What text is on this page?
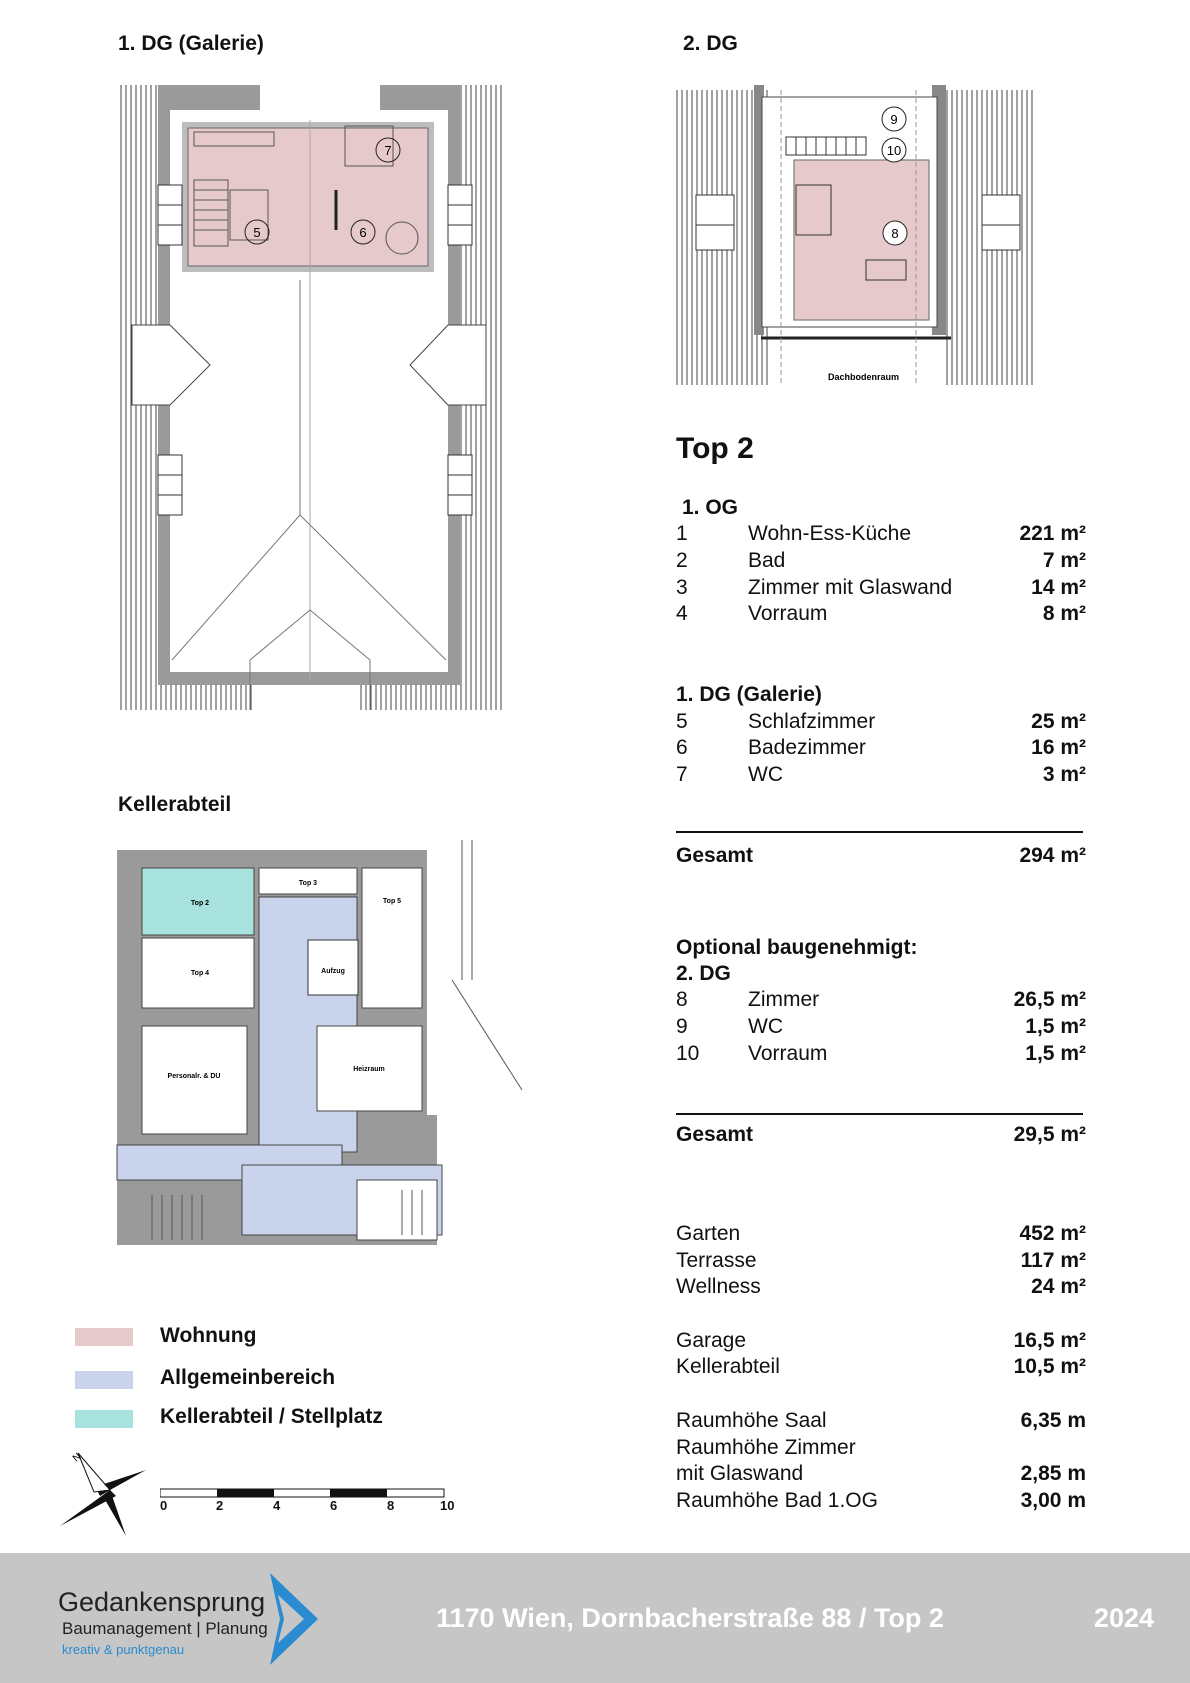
1. DG (Galerie)	2. DG
Kellerabteil
5	6
7
9
10
8
Dachbodenraum
Top 2
Top 3
Top 4
Top 5
Aufzug
Personalr. & DU
Heizraum
Top 2
1. OG
1	Wohn-Ess-Küche	221 m²
2	Bad	7 m²
3	Zimmer mit Glaswand	14 m²
4	Vorraum	8 m²
1. DG (Galerie)
5	Schlafzimmer	25 m²
6	Badezimmer	16 m²
7	WC	3 m²
Gesamt	294 m²
Optional baugenehmigt:
2. DG
8	Zimmer	26,5 m²
9	WC	1,5 m²
10 Vorraum	1,5 m²
Gesamt	29,5 m²
Garten	452 m²
Terrasse	117 m²
Wellness	24 m²
Garage	16,5 m²
Kellerabteil	10,5 m²
Raumhöhe Saal	6,35 m
Raumhöhe Zimmer
mit Glaswand	2,85 m
Raumhöhe Bad 1.OG	3,00 m
Wohnung
Allgemeinbereich
Kellerabteil / Stellplatz
N
0	2	4	6	8	10
Gedankensprung
Baumanagement | Planung
kreativ & punktgenau
1170 Wien, Dornbacherstraße 88 / Top 2	2024
